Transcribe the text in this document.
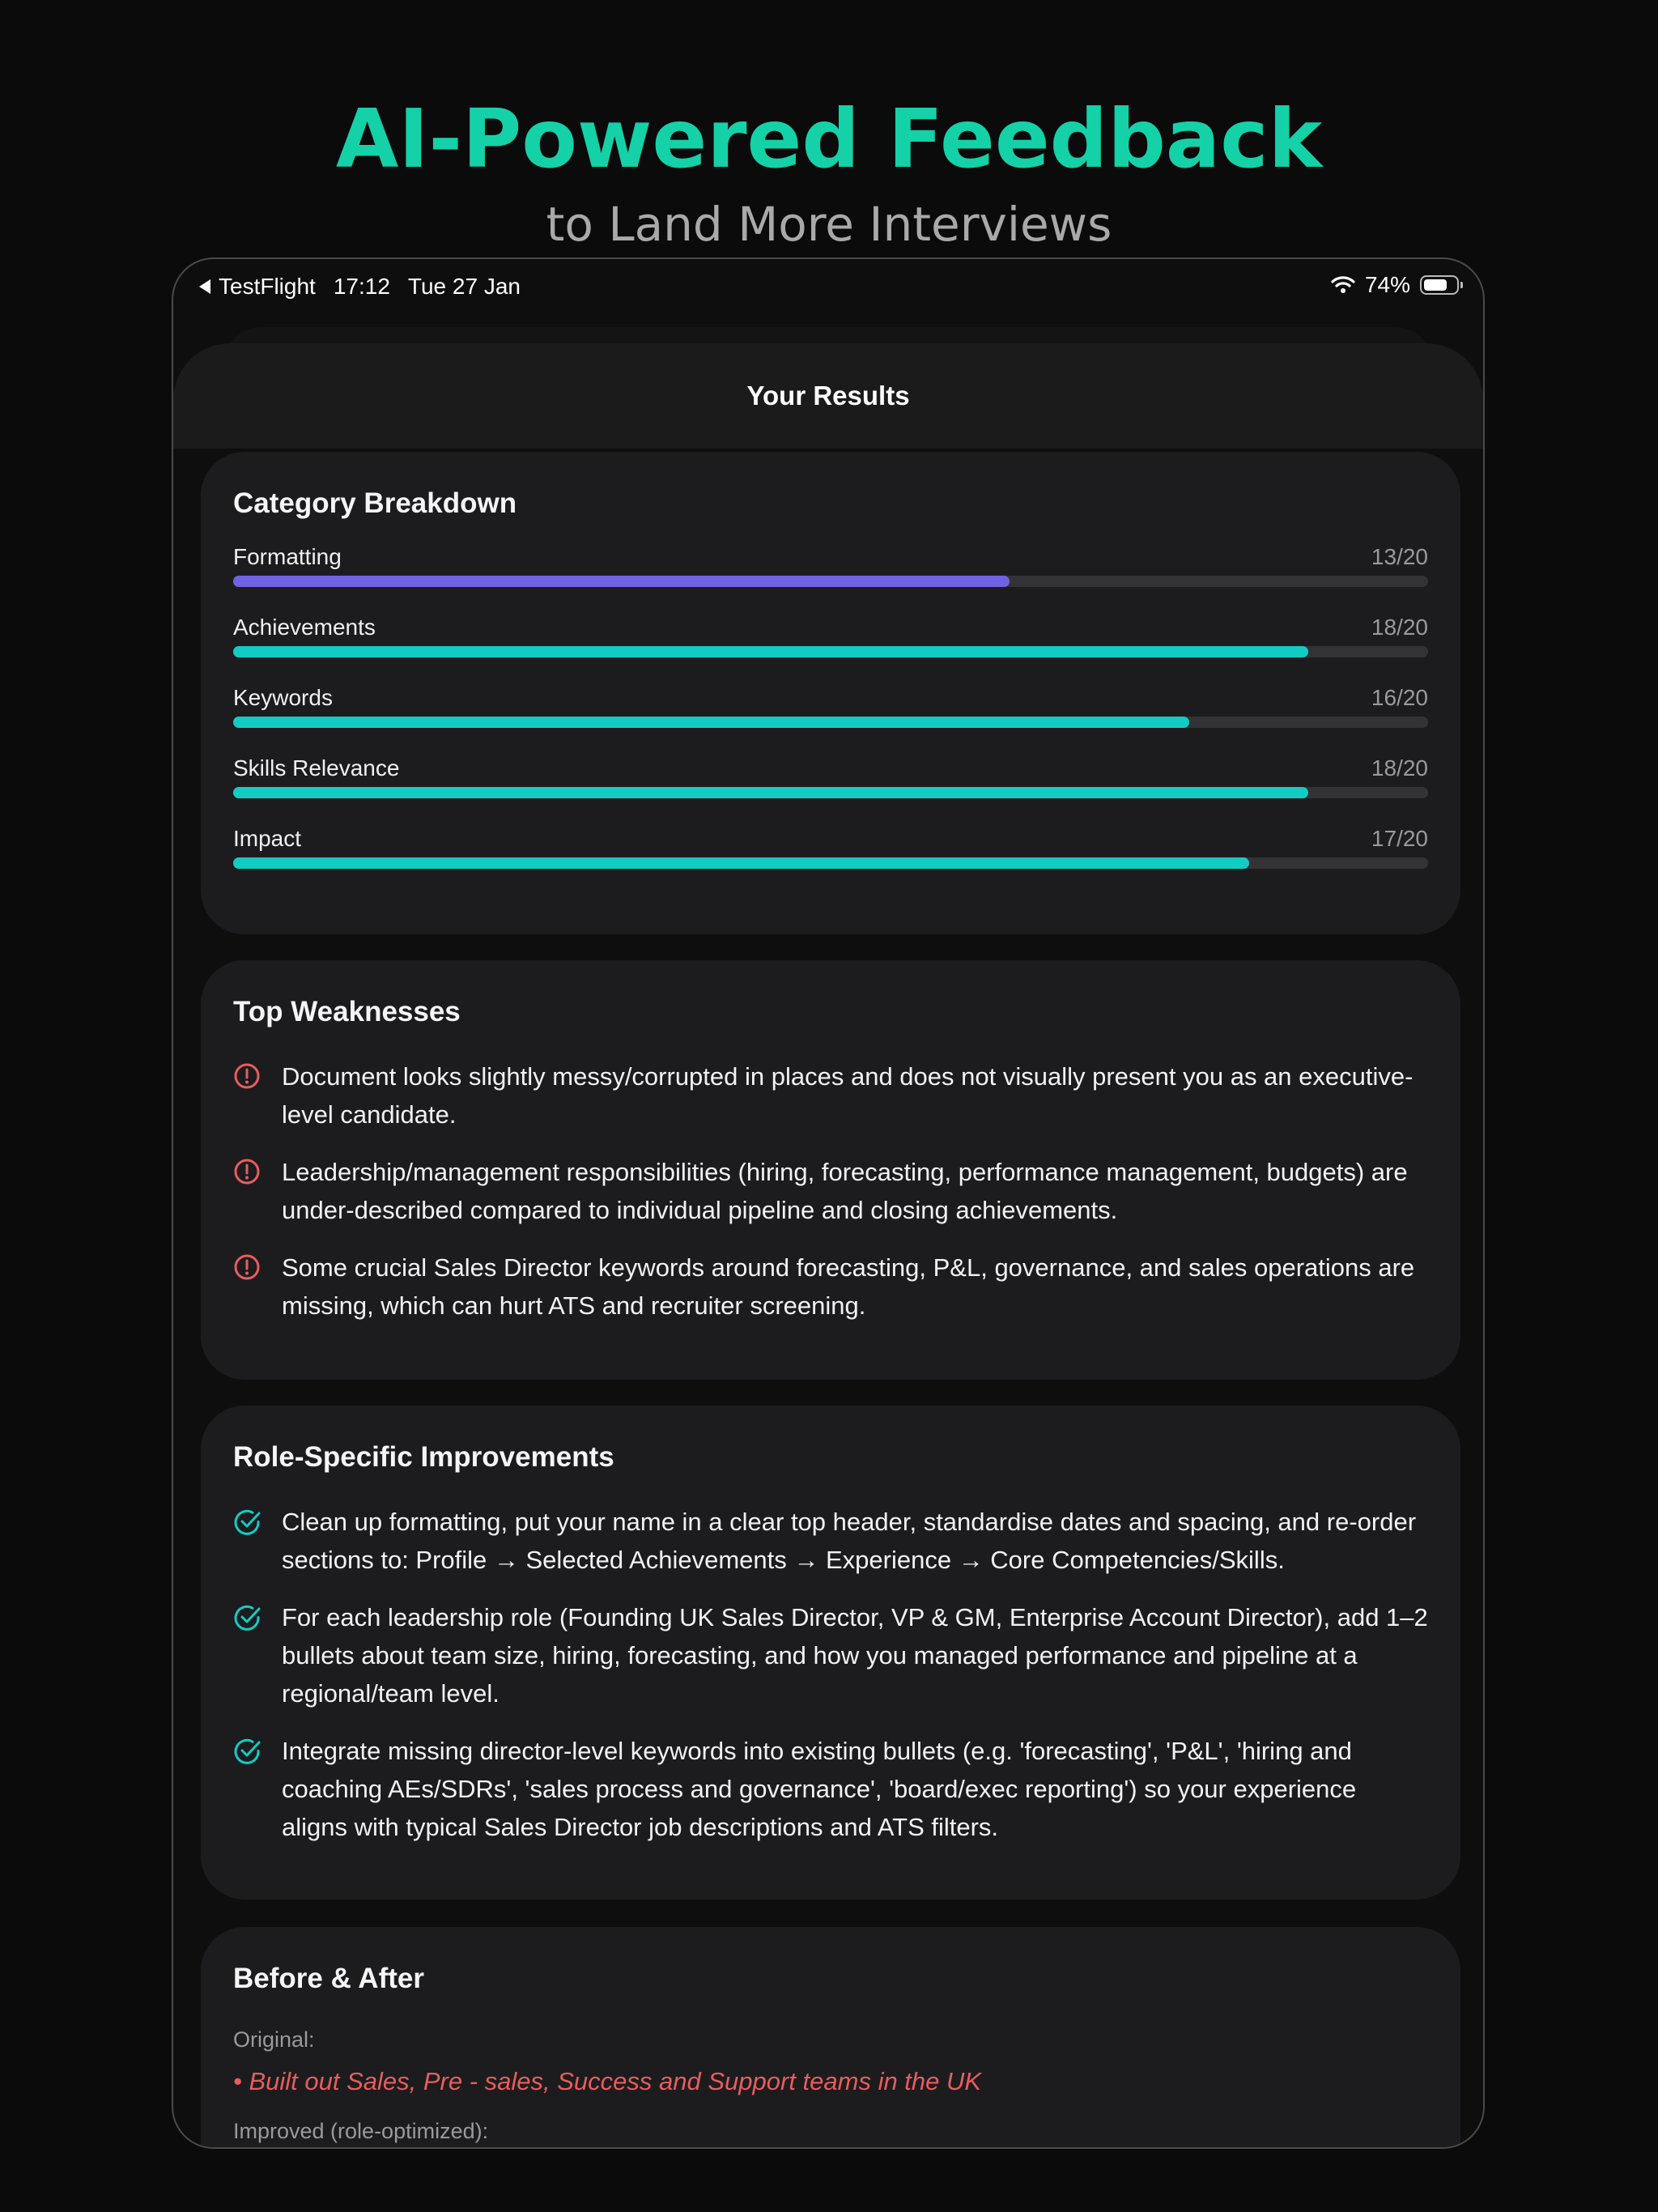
AI-Powered Feedback
to Land More Interviews
TestFlight 17:12 Tue 27 Jan	74%
Your Results
Category Breakdown
Formatting	13/20
Achievements	18/20
Keywords	16/20
Skills Relevance	18/20
Impact	17/20
Top Weaknesses
Document looks slightly messy/corrupted in places and does not visually present you as an executive-level candidate.
Leadership/management responsibilities (hiring, forecasting, performance management, budgets) are under-described compared to individual pipeline and closing achievements.
Some crucial Sales Director keywords around forecasting, P&L, governance, and sales operations are missing, which can hurt ATS and recruiter screening.
Role-Specific Improvements
Clean up formatting, put your name in a clear top header, standardise dates and spacing, and re-order sections to: Profile → Selected Achievements → Experience → Core Competencies/Skills.
For each leadership role (Founding UK Sales Director, VP & GM, Enterprise Account Director), add 1–2 bullets about team size, hiring, forecasting, and how you managed performance and pipeline at a regional/team level.
Integrate missing director-level keywords into existing bullets (e.g. 'forecasting', 'P&L', 'hiring and coaching AEs/SDRs', 'sales process and governance', 'board/exec reporting') so your experience aligns with typical Sales Director job descriptions and ATS filters.
Before & After
Original:
• Built out Sales, Pre - sales, Success and Support teams in the UK
Improved (role-optimized):
